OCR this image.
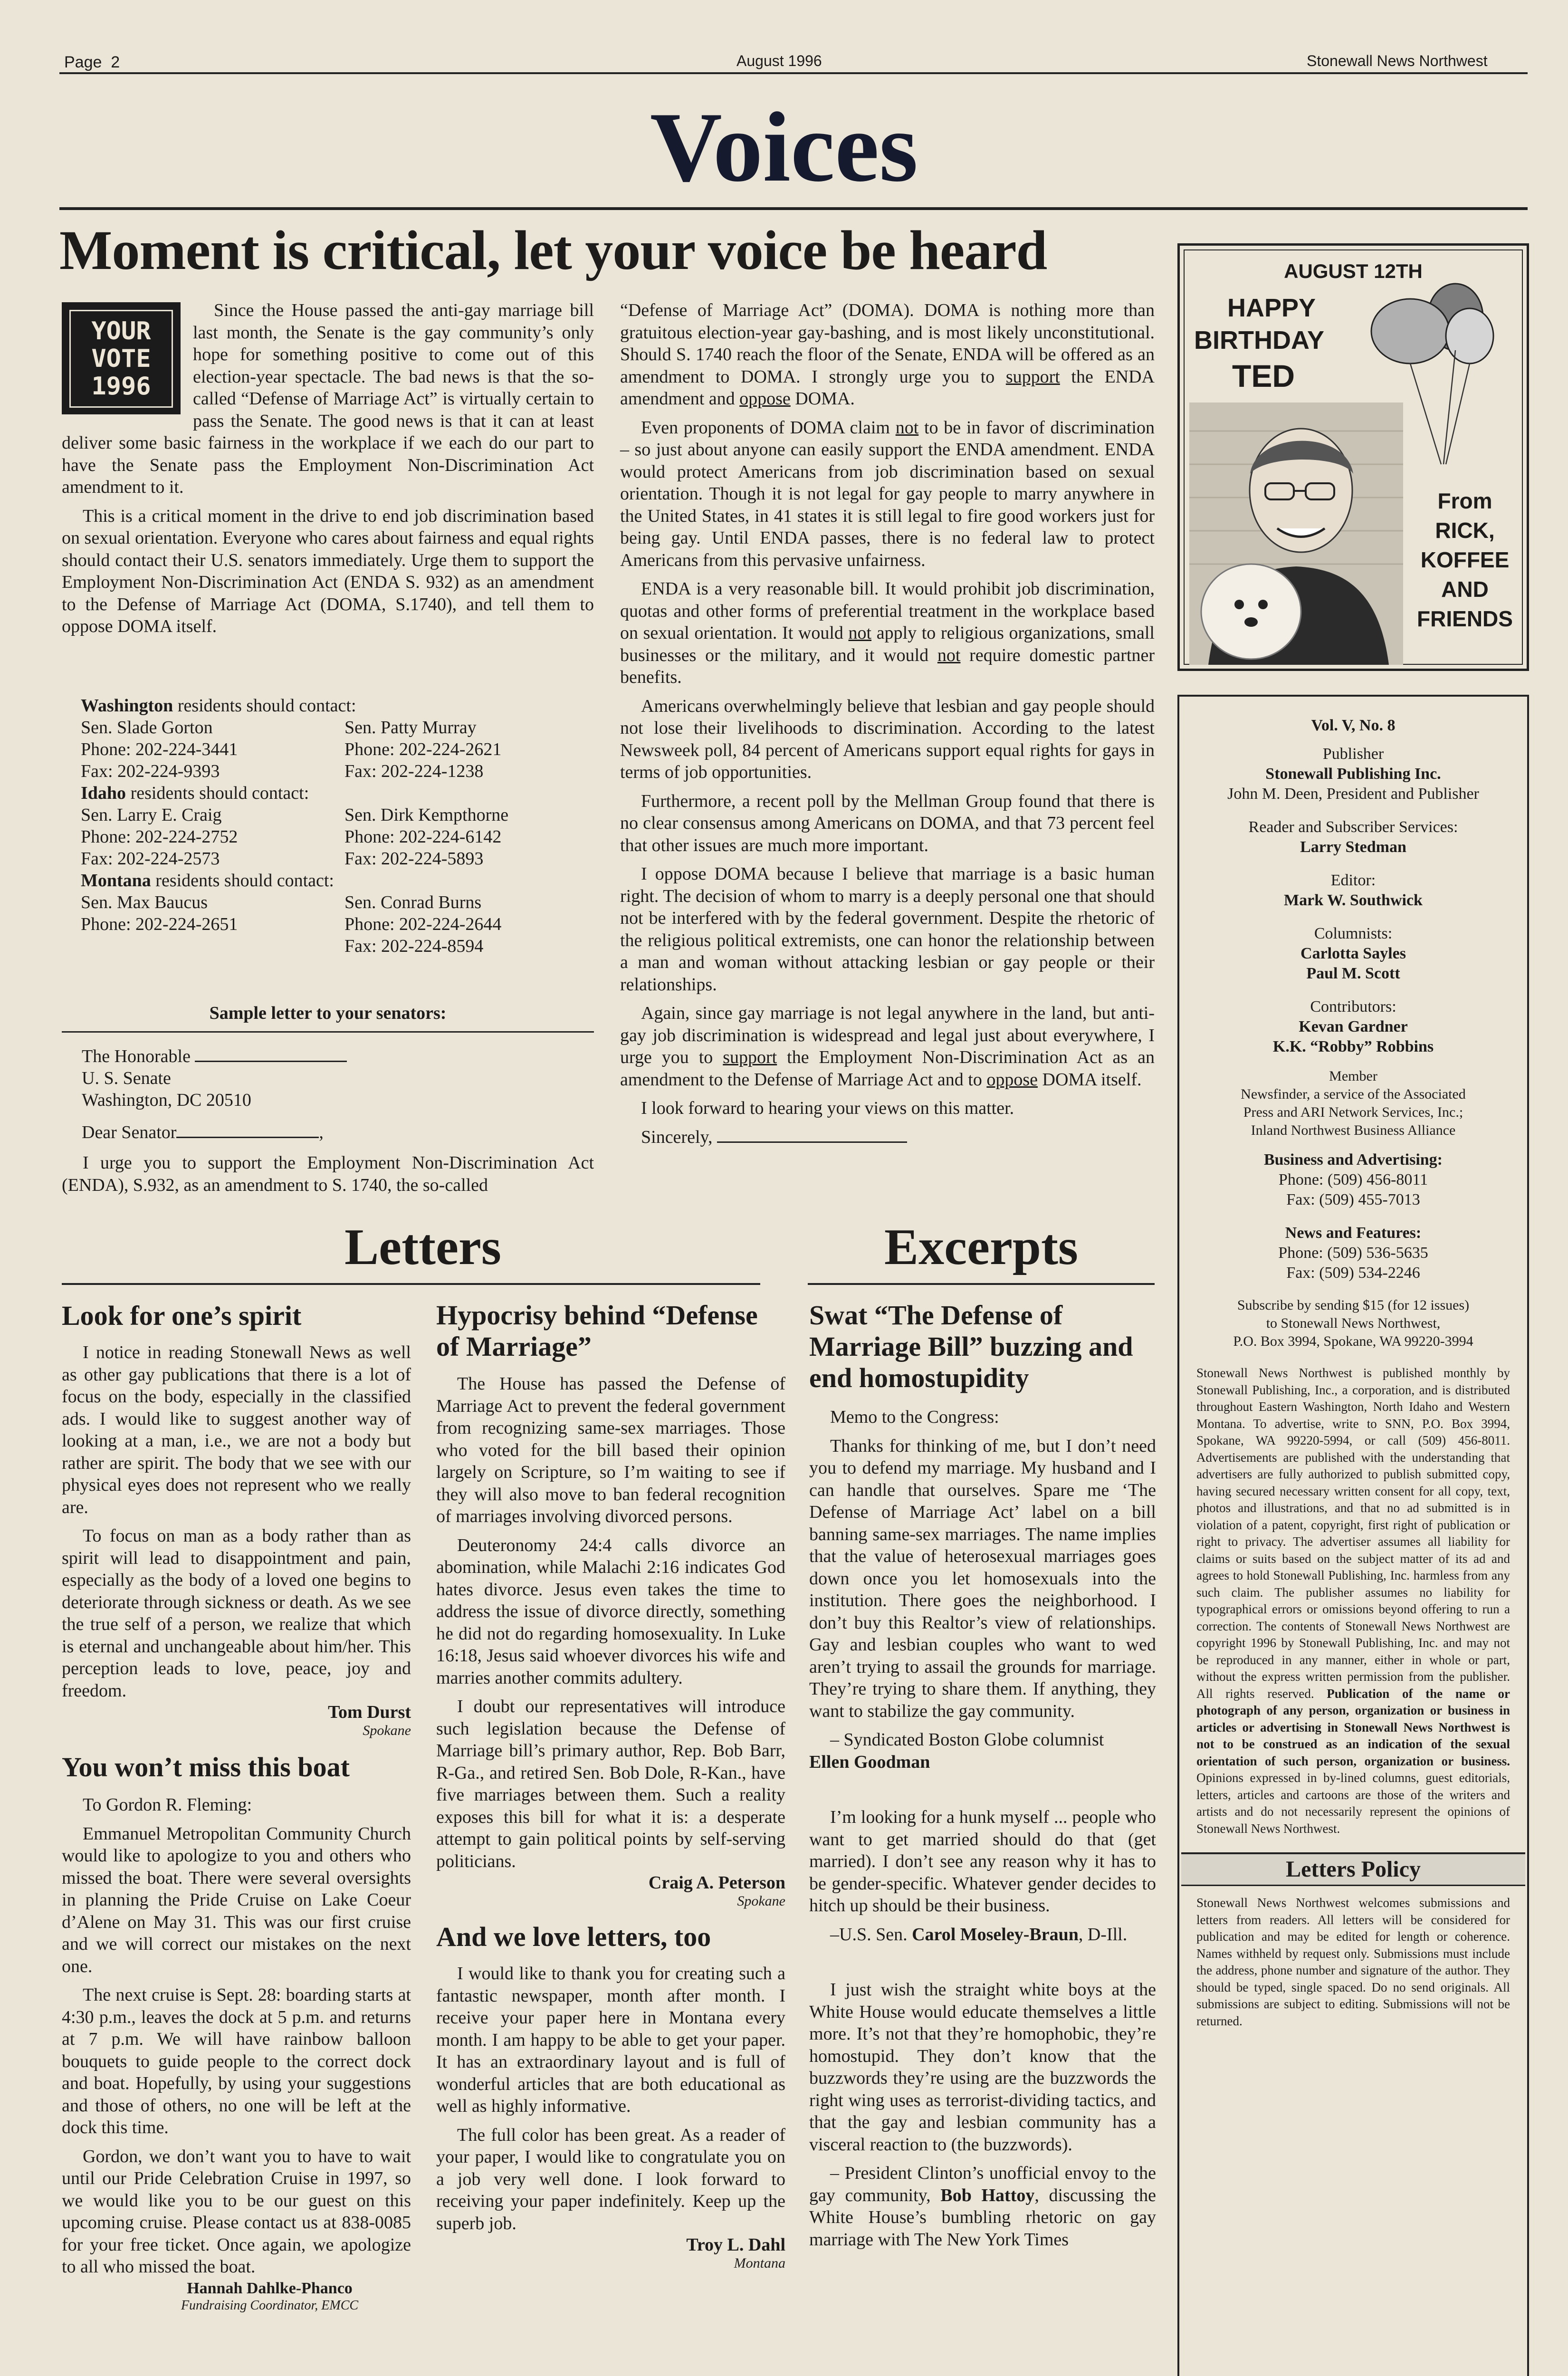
Page  2	August 1996	Stonewall News Northwest
Voices
Moment is critical, let your voice be heard
YOUR
VOTE
1996

Since the House passed the anti-gay marriage bill last month, the Senate is the gay community’s only hope for something positive to come out of this election-year spectacle. The bad news is that the so-called “Defense of Marriage Act” is virtually certain to pass the Senate. The good news is that it can at least deliver some basic fairness in the workplace if we each do our part to have the Senate pass the Employment Non-Discrimination Act amendment to it.

This is a critical moment in the drive to end job discrimination based on sexual orientation. Everyone who cares about fairness and equal rights should contact their U.S. senators immediately. Urge them to support the Employment Non-Discrimination Act (ENDA S. 932) as an amendment to the Defense of Marriage Act (DOMA, S.1740), and tell them to oppose DOMA itself.

Washington residents should contact:
Sen. Slade Gorton	Sen. Patty Murray
Phone: 202-224-3441	Phone: 202-224-2621
Fax: 202-224-9393	Fax: 202-224-1238
Idaho residents should contact:
Sen. Larry E. Craig	Sen. Dirk Kempthorne
Phone: 202-224-2752	Phone: 202-224-6142
Fax: 202-224-2573	Fax: 202-224-5893
Montana residents should contact:
Sen. Max Baucus	Sen. Conrad Burns
Phone: 202-224-2651	Phone: 202-224-2644
	Fax: 202-224-8594
Sample letter to your senators:
The Honorable
U. S. Senate
Washington, DC 20510
Dear Senator	,

I urge you to support the Employment Non-Discrimination Act (ENDA), S.932, as an amendment to S. 1740, the so-called

“Defense of Marriage Act” (DOMA). DOMA is nothing more than gratuitous election-year gay-bashing, and is most likely unconstitutional. Should S. 1740 reach the floor of the Senate, ENDA will be offered as an amendment to DOMA. I strongly urge you to support the ENDA amendment and oppose DOMA.

Even proponents of DOMA claim not to be in favor of discrimination – so just about anyone can easily support the ENDA amendment. ENDA would protect Americans from job discrimination based on sexual orientation. Though it is not legal for gay people to marry anywhere in the United States, in 41 states it is still legal to fire good workers just for being gay. Until ENDA passes, there is no federal law to protect Americans from this pervasive unfairness.

ENDA is a very reasonable bill. It would prohibit job discrimination, quotas and other forms of preferential treatment in the workplace based on sexual orientation. It would not apply to religious organizations, small businesses or the military, and it would not require domestic partner benefits.

Americans overwhelmingly believe that lesbian and gay people should not lose their livelihoods to discrimination. According to the latest Newsweek poll, 84 percent of Americans support equal rights for gays in terms of job opportunities.

Furthermore, a recent poll by the Mellman Group found that there is no clear consensus among Americans on DOMA, and that 73 percent feel that other issues are much more important.

I oppose DOMA because I believe that marriage is a basic human right. The decision of whom to marry is a deeply personal one that should not be interfered with by the federal government. Despite the rhetoric of the religious political extremists, one can honor the relationship between a man and woman without attacking lesbian or gay people or their relationships.

Again, since gay marriage is not legal anywhere in the land, but anti-gay job discrimination is widespread and legal just about everywhere, I urge you to support the Employment Non-Discrimination Act as an amendment to the Defense of Marriage Act and to oppose DOMA itself.

I look forward to hearing your views on this matter.

Sincerely,
AUGUST 12TH
HAPPY
BIRTHDAY
TED
From
RICK,
KOFFEE
AND
FRIENDS
Vol. V, No. 8
Publisher
Stonewall Publishing Inc.
John M. Deen, President and Publisher
Reader and Subscriber Services:
Larry Stedman
Editor:
Mark W. Southwick
Columnists:
Carlotta Sayles
Paul M. Scott
Contributors:
Kevan Gardner
K.K. “Robby” Robbins
Member
Newsfinder, a service of the Associated
Press and ARI Network Services, Inc.;
Inland Northwest Business Alliance
Business and Advertising:
Phone: (509) 456-8011
Fax: (509) 455-7013
News and Features:
Phone: (509) 536-5635
Fax: (509) 534-2246
Subscribe by sending $15 (for 12 issues)
to Stonewall News Northwest,
P.O. Box 3994, Spokane, WA 99220-3994
Stonewall News Northwest is published monthly by Stonewall Publishing, Inc., a corporation, and is distributed throughout Eastern Washington, North Idaho and Western Montana. To advertise, write to SNN, P.O. Box 3994, Spokane, WA 99220-5994, or call (509) 456-8011. Advertisements are published with the understanding that advertisers are fully authorized to publish submitted copy, having secured necessary written consent for all copy, text, photos and illustrations, and that no ad submitted is in violation of a patent, copyright, first right of publication or right to privacy. The advertiser assumes all liability for claims or suits based on the subject matter of its ad and agrees to hold Stonewall Publishing, Inc. harmless from any such claim. The publisher assumes no liability for typographical errors or omissions beyond offering to run a correction. The contents of Stonewall News Northwest are copyright 1996 by Stonewall Publishing, Inc. and may not be reproduced in any manner, either in whole or part, without the express written permission from the publisher. All rights reserved. Publication of the name or photograph of any person, organization or business in articles or advertising in Stonewall News Northwest is not to be construed as an indication of the sexual orientation of such person, organization or business. Opinions expressed in by-lined columns, guest editorials, letters, articles and cartoons are those of the writers and artists and do not necessarily represent the opinions of Stonewall News Northwest.
Letters Policy
Stonewall News Northwest welcomes submissions and letters from readers. All letters will be considered for publication and may be edited for length or coherence. Names withheld by request only. Submissions must include the address, phone number and signature of the author. They should be typed, single spaced. Do no send originals. All submissions are subject to editing. Submissions will not be returned.
Letters
Look for one’s spirit

I notice in reading Stonewall News as well as other gay publications that there is a lot of focus on the body, especially in the classified ads. I would like to suggest another way of looking at a man, i.e., we are not a body but rather are spirit. The body that we see with our physical eyes does not represent who we really are.

To focus on man as a body rather than as spirit will lead to disappointment and pain, especially as the body of a loved one begins to deteriorate through sickness or death. As we see the true self of a person, we realize that which is eternal and unchangeable about him/her. This perception leads to love, peace, joy and freedom.

Tom Durst
Spokane
You won’t miss this boat

To Gordon R. Fleming:

Emmanuel Metropolitan Community Church would like to apologize to you and others who missed the boat. There were several oversights in planning the Pride Cruise on Lake Coeur d’Alene on May 31. This was our first cruise and we will correct our mistakes on the next one.

The next cruise is Sept. 28: boarding starts at 4:30 p.m., leaves the dock at 5 p.m. and returns at 7 p.m. We will have rainbow balloon bouquets to guide people to the correct dock and boat. Hopefully, by using your suggestions and those of others, no one will be left at the dock this time.

Gordon, we don’t want you to have to wait until our Pride Celebration Cruise in 1997, so we would like you to be our guest on this upcoming cruise. Please contact us at 838-0085 for your free ticket. Once again, we apologize to all who missed the boat.

Hannah Dahlke-Phanco
Fundraising Coordinator, EMCC
Hypocrisy behind “Defense of Marriage”

The House has passed the Defense of Marriage Act to prevent the federal government from recognizing same-sex marriages. Those who voted for the bill based their opinion largely on Scripture, so I’m waiting to see if they will also move to ban federal recognition of marriages involving divorced persons.

Deuteronomy 24:4 calls divorce an abomination, while Malachi 2:16 indicates God hates divorce. Jesus even takes the time to address the issue of divorce directly, something he did not do regarding homosexuality. In Luke 16:18, Jesus said whoever divorces his wife and marries another commits adultery.

I doubt our representatives will introduce such legislation because the Defense of Marriage bill’s primary author, Rep. Bob Barr, R-Ga., and retired Sen. Bob Dole, R-Kan., have five marriages between them. Such a reality exposes this bill for what it is: a desperate attempt to gain political points by self-serving politicians.

Craig A. Peterson
Spokane
And we love letters, too

I would like to thank you for creating such a fantastic newspaper, month after month. I receive your paper here in Montana every month. I am happy to be able to get your paper. It has an extraordinary layout and is full of wonderful articles that are both educational as well as highly informative.

The full color has been great. As a reader of your paper, I would like to congratulate you on a job very well done. I look forward to receiving your paper indefinitely. Keep up the superb job.

Troy L. Dahl
Montana
Excerpts
Swat “The Defense of Marriage Bill” buzzing and end homostupidity

Memo to the Congress:

Thanks for thinking of me, but I don’t need you to defend my marriage. My husband and I can handle that ourselves. Spare me ‘The Defense of Marriage Act’ label on a bill banning same-sex marriages. The name implies that the value of heterosexual marriages goes down once you let homosexuals into the institution. There goes the neighborhood. I don’t buy this Realtor’s view of relationships. Gay and lesbian couples who want to wed aren’t trying to assail the grounds for marriage. They’re trying to share them. If anything, they want to stabilize the gay community.

– Syndicated Boston Globe columnist
Ellen Goodman

I’m looking for a hunk myself ... people who want to get married should do that (get married). I don’t see any reason why it has to be gender-specific. Whatever gender decides to hitch up should be their business.

–U.S. Sen. Carol Moseley-Braun, D-Ill.

I just wish the straight white boys at the White House would educate themselves a little more. It’s not that they’re homophobic, they’re homostupid. They don’t know that the buzzwords they’re using are the buzzwords the right wing uses as terrorist-dividing tactics, and that the gay and lesbian community has a visceral reaction to (the buzzwords).

– President Clinton’s unofficial envoy to the gay community, Bob Hattoy, discussing the White House’s bumbling rhetoric on gay marriage with The New York Times
